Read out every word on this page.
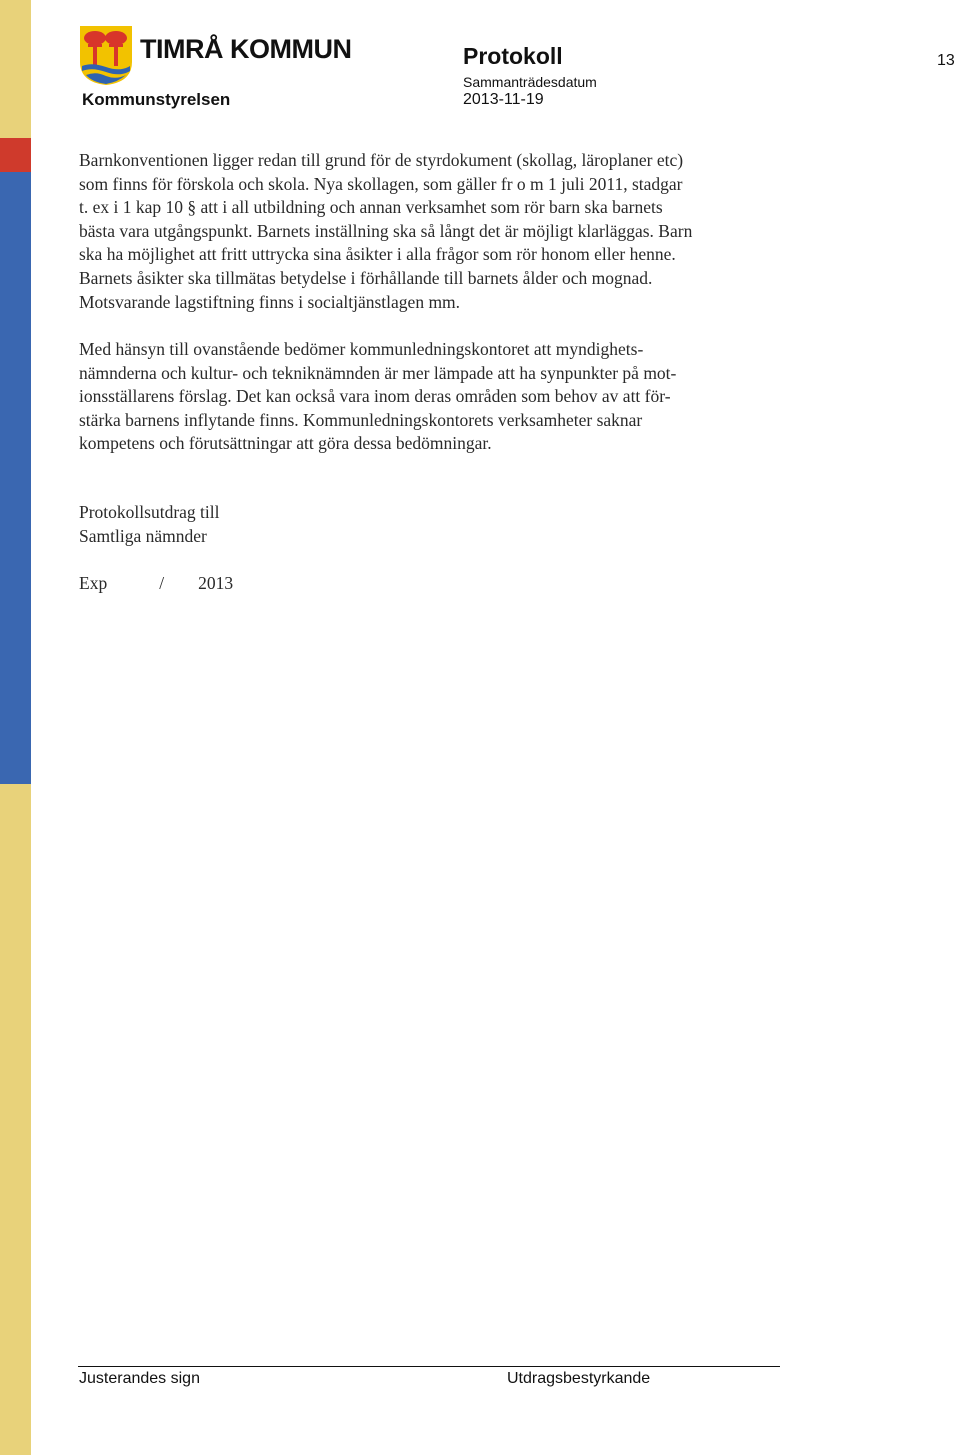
TIMRÅ KOMMUN
Kommunstyrelsen
Protokoll
Sammanträdesdatum
2013-11-19
13

Barnkonventionen ligger redan till grund för de styrdokument (skollag, läroplaner etc)
som finns för förskola och skola. Nya skollagen, som gäller fr o m 1 juli 2011, stadgar
t. ex i 1 kap 10 § att i all utbildning och annan verksamhet som rör barn ska barnets
bästa vara utgångspunkt. Barnets inställning ska så långt det är möjligt klarläggas. Barn
ska ha möjlighet att fritt uttrycka sina åsikter i alla frågor som rör honom eller henne.
Barnets åsikter ska tillmätas betydelse i förhållande till barnets ålder och mognad.
Motsvarande lagstiftning finns i socialtjänstlagen mm.

Med hänsyn till ovanstående bedömer kommunledningskontoret att myndighets-
nämnderna och kultur- och tekniknämnden är mer lämpade att ha synpunkter på mot-
ionsställarens förslag. Det kan också vara inom deras områden som behov av att för-
stärka barnens inflytande finns. Kommunledningskontorets verksamheter saknar
kompetens och förutsättningar att göra dessa bedömningar.

Protokollsutdrag till
Samtliga nämnder

Exp	/ 2013
Justerandes sign	Utdragsbestyrkande
